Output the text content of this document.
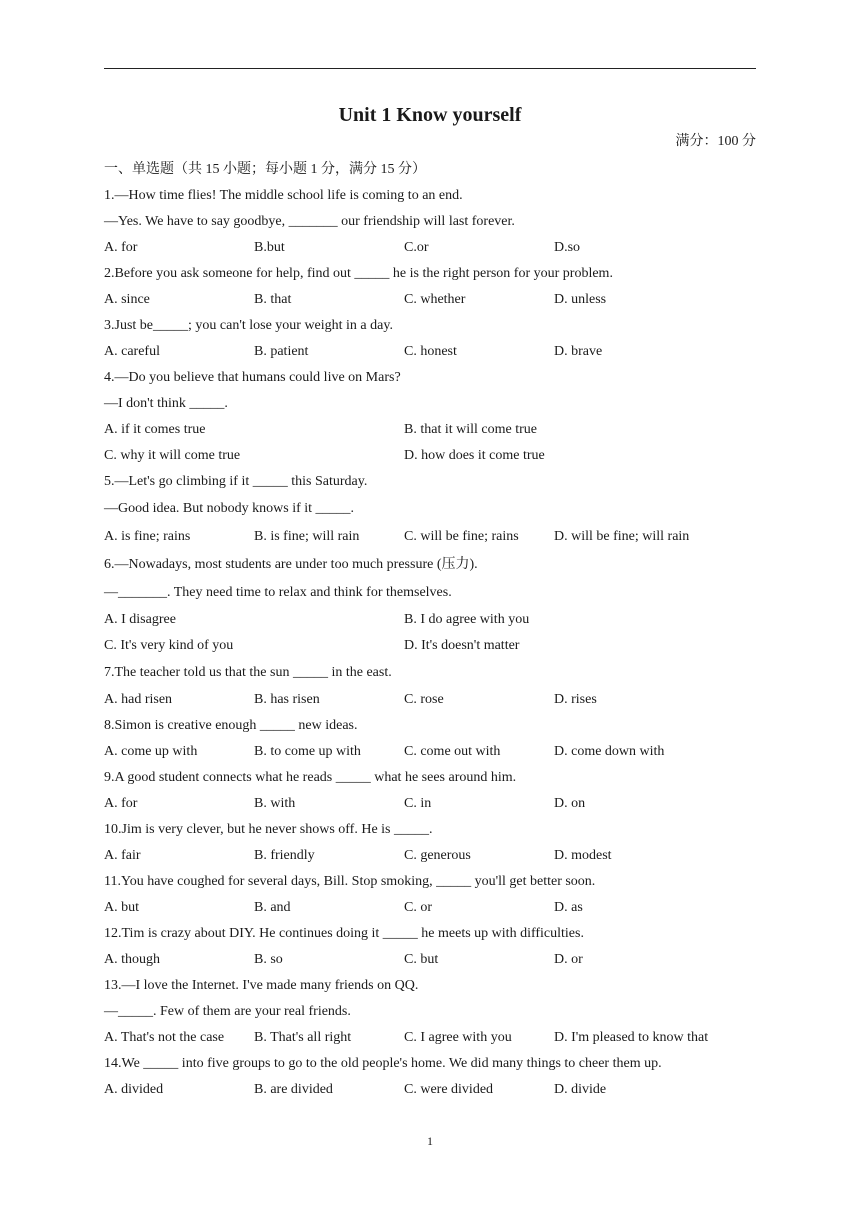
Unit 1 Know yourself
满分：100 分
一、单选题（共 15 小题；每小题 1 分，满分 15 分）
1.—How time flies! The middle school life is coming to an end.
—Yes. We have to say goodbye, _______ our friendship will last forever.
A. for	B.but	C.or	D.so
2.Before you ask someone for help, find out _____ he is the right person for your problem.
A. since	B. that	C. whether	D. unless
3.Just be_____; you can't lose your weight in a day.
A. careful	B. patient	C. honest	D. brave
4.—Do you believe that humans could live on Mars?
—I don't think _____.
A. if it comes true	B. that it will come true
C. why it will come true	D. how does it come true
5.—Let's go climbing if it _____ this Saturday.
—Good idea. But nobody knows if it _____.
A. is fine; rains	B. is fine; will rain	C. will be fine; rains	D. will be fine; will rain
6.—Nowadays, most students are under too much pressure (压力).
—_______. They need time to relax and think for themselves.
A. I disagree	B. I do agree with you
C. It's very kind of you	D. It's doesn't matter
7.The teacher told us that the sun _____ in the east.
A. had risen	B. has risen	C. rose	D. rises
8.Simon is creative enough _____ new ideas.
A. come up with	B. to come up with	C. come out with	D. come down with
9.A good student connects what he reads _____ what he sees around him.
A. for	B. with	C. in	D. on
10.Jim is very clever, but he never shows off. He is _____.
A. fair	B. friendly	C. generous	D. modest
11.You have coughed for several days, Bill. Stop smoking, _____ you'll get better soon.
A. but	B. and	C. or	D. as
12.Tim is crazy about DIY. He continues doing it _____ he meets up with difficulties.
A. though	B. so	C. but	D. or
13.—I love the Internet. I've made many friends on QQ.
—_____. Few of them are your real friends.
A. That's not the case	B. That's all right	C. I agree with you	D. I'm pleased to know that
14.We _____ into five groups to go to the old people's home. We did many things to cheer them up.
A. divided	B. are divided	C. were divided	D. divide
1
